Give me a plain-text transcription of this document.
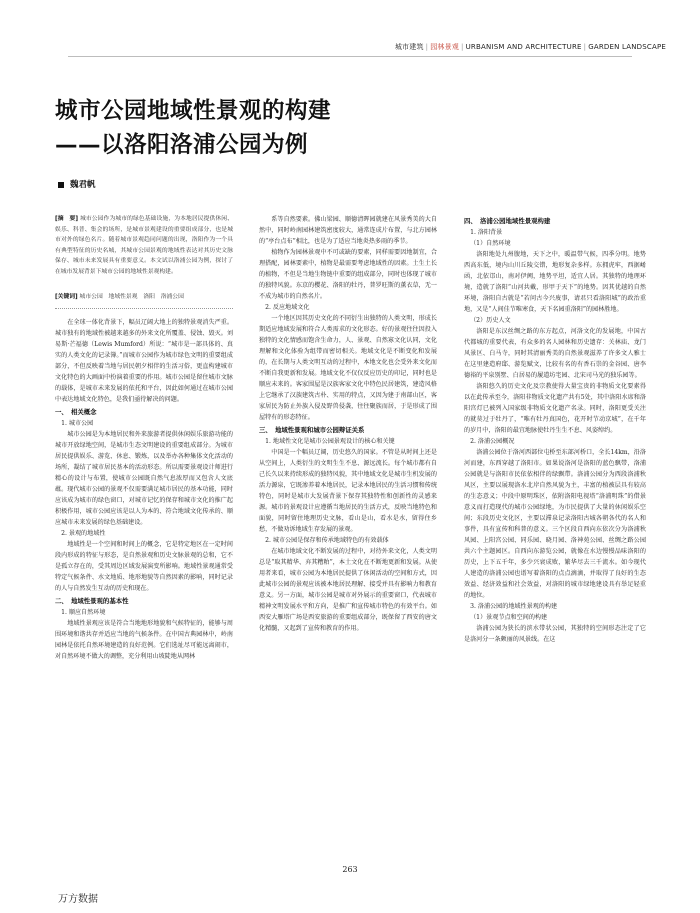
城市建筑 | 园林景观 | URBANISM AND ARCHITECTURE | GARDEN LANDSCAPE
城市公园地域性景观的构建
——以洛阳洛浦公园为例
魏君帆
[摘　要] 城市公园作为城市的绿色基础设施，为本地居民提供休闲、娱乐、科普、集会的场所，是城市景观建设的重要组成部分，也是城市对外的绿色名片。随着城市景观趋同问题的出现，洛阳作为一个具有典型特征的历史名城，其城市公园景观的地域性表达对其历史文脉保存、城市未来发展具有重要意义。本文试以洛浦公园为例，探讨了在城市发展背景下城市公园的地域性景观构建。
[关键词] 城市公园　地域性景观　洛阳　洛浦公园

在全球一体化背景下，幅员辽阔大地上的独特景观消失严重。城市独有的地域性被越来越多的外来文化所覆盖、侵蚀、毁灭。刘易斯·芒福德（Lewis Mumford）所说：“城市是一部具体的、真实的人类文化的记录簿。”而城市公园作为城市绿色文明的重要组成部分，不但反映着当地与居民朝夕相伴的生活习俗，更直构建城市文化特色的大画面中扮演着重要的作用。城市公园是留住城市文脉的载体，是城市未来发展的依托和平台，因此如何通过在城市公园中表达地域文化特色，是我们亟待解决的问题。

一、　相关概念
1. 城市公园

城市公园是为本地居民和外来旅游者提供休闲娱乐旅游功能的城市开放绿地空间，是城市生态文明建设的重要组成部分。为城市居民提供娱乐、游览、休息、锻炼，以及举办各种集体文化活动的场所，凝结了城市居民基本的活动形态。所以需要景观设计师进行精心的设计与布置，使城市公园既自然气息浓厚而又包含人文底蕴。现代城市公园的景观不仅需要满足城市居民的基本功能，同时应该成为城市的绿色窗口，对城市记忆的保存和城市文化的推广起积极作用，城市公园应该是以人为本的、符合地域文化传承的、顺应城市未来发展的绿色基础建设。

2. 景观的地域性

地域性是一个空间和时间上的概念，它是特定地区在一定时间段内形成的特征与形态，是自然景观和历史文脉景观的总和，它不是孤立存在的，受其周边区域发展演变所影响。地域性景观通常受特定气候条件、水文地质、地形地貌等自然因素的影响，同时记录的人与自然发生互动的历史和现在。

二、　地域性景观的基本性
1. 顺应自然环境

地域性景观应该是符合当地地形地貌和气候特征的，能够与周围环境和谐共存并适应当地的气候条件。在中国古典园林中，岭南园林是依托自然环境建造的良好范例。它们选址尽可能远离闹市，对自然环境不做大的调整，充分利用山坡陡地从网林

系等自然要素。佛山梁园、顺德清晖园就建在风景秀美的大自然中，同时岭南园林建筑密度较大，通常连成片布置，与北方园林的“亭台点布”相比，也是为了适应当地炎热多雨的季节。

植物作为园林景观中不可或缺的要素，同样需要因地制宜，合理搭配，园林要素中，植物是最需要考虑地域性的因素。土生土长的植物，不但是当地生物链中重要的组成部分，同时也体现了城市的独特风貌。东京的樱花、洛阳的牡丹，普罗旺斯的薰衣草，无一不成为城市的自然名片。

2. 反应地域文化

一个地区因其历史文化的不同衍生出独特的人类文明，形成长期适应地域发展和符合人类需求的文化形态。好的景观往往因投入独特的文化情感而饱含生命力，人、景观、自然寡文化认同，文化理解和文化体验为组带而密切相关。地域文化是不断变化和发展的，在长期与人类文明互动的过程中，本地文化也会受外来文化而不断自我更新和发展。地域文化不仅仅反应历史的印记，同时也是顺应未来的。客家围屋是汉族客家文化中特色民居建筑，建造风格上它继承了汉族建筑古朴、实用的特点，又因为建于南部山区，客家居民为防止外族入侵及野兽侵袭，往往聚族而居，于是形成了围屋特有的形态特征。

三、　地域性景观和城市公园辩证关系
1. 地域性文化是城市公园景观设计的核心和关键

中国是一个幅员辽阔，历史悠久的国家。不管是从时间上还是从空间上，人类衍生的文明生生不息、源远流长。每个城市都有自己长久以来持续形成的独特风貌，其中地域文化是城市生机发展的活力源泉，它既渗养着本地居民，记录本地居民的生活习惯和传统特色，同时是城市大发展背景下保存其独特性和创新性的灵感来源。城市的景观设计应遵循当地居民的生活方式，反映当地特色和面貌，同时留住地理历史文脉，看山是山，看水是水，留得住乡愁，不做劝诉地域生存发展的景观。

2. 城市公园是保存和传承地域特色的有效载体

在城市地域文化不断发展的过程中，对待外来文化，人类文明总是“取其精华、弃其糟粕”，本土文化在不断地更新和发展。从使用者来看，城市公园为本地居民提供了休闲活动的空间和方式，因此城市公园的景观应该被本地居民理解、接受并具有影响力和教育意义。另一方面，城市公园是城市对外展示的重要窗口，代表城市精神文明发展水平和方向，是推广和宣传城市特色的有效平台。如西安大雁塔广场是西安旅游的重要组成部分，既保留了西安的唐文化精髓，又起到了宣传和教育的作用。

四、　洛浦公园地域性景观构建
1. 洛阳背景
（1）自然环境

洛阳地处九州腹地，天下之中，暖温带气候，四季分明。地势西高东低，境内山川丘陵交错，地形复杂多样。东拥虎牢，西据崤函，北依邙山，南对伊阙，地势平坦，适宜人居。其独特的地理环境，造就了洛阳“山河共戴，形甲于天下”的地势。因其优越的自然环境，洛阳自古就是“若问古今兴废事，请君只看洛阳城”的政治重地，又是“人间佳节唯寒食，天下名园重洛阳”的园林胜地。

（2）历史人文

洛阳是东汉丝绸之路的东方起点，河洛文化的发展地，中国古代都城的重要代表，有众多的名人园林和历史遗存：关林庙、龙门风景区、白马寺，同时其清丽秀美的自然景观滋养了许多文人雅士在这里建造府邸、游览赋文，比较有名的有香石崇的金谷园、唐李德裕的平泉别墅、白居易的履道坊宅园、北宋司马光的独乐园等。

洛阳悠久的历史文化及宗教使得大量宝贵的非物质文化要素得以在此传承至今，洛阳非物质文化遗产共有5处，其中洛阳水席和洛阳宫灯已被列入国家级非物质文化遗产名录。同时，洛阳更受关注的就莫过于牡丹了，“唯有牡丹真国色，花开时节动京城”，在千年的岁月中，洛阳的最宜地脉使牡丹生生不息、风姿绰约。

2. 洛浦公园概况

洛浦公园位于洛河西部位屯桥至东部河桥口，全长14km，沿洛河而建，东西穿越了洛阳市。如果说洛河是洛阳的蓝色飘带，洛浦公园就是与洛阳市民依依相伴的绿飘带。洛浦公园分为西段洛浦秋风区，主要以展现洛水北岸自然风貌为主，丰富的植被层具有较高的生态意义；中段中原明珠区，依附洛阳电视塔“洛浦明珠”的借景意义而打造现代的城市公园绿地，为市民提供了大量的休闲娱乐空间；东段历史文化区，主要以滞泉记录洛阳古城各朝各代的名人和事件，具有宣传和科普的意义。三个区段自西向东依次分为洛浦秋风园、上阳宫公园、同乐园、晓月园、洛神苑公园、丝绸之路公园共六个主题园区。自西向东游览公园，就像在水边慢慢品味洛阳的历史，上下五千年，多少兴衰成败，繁华尽去三千流水。如今现代人建造的洛浦公园也谱写着洛阳的点点滴滴，并取得了良好的生态效益、经济效益和社会效益，对洛阳的城市绿地建设具有举足轻重的地位。

3. 洛浦公园的地域性景观的构建
（1）景观节点和空间的构建

洛浦公园为狭长的滨水带状公园，其独特的空间形态注定了它是洛河分一条颇丽的风景线。在这

263
万方数据
